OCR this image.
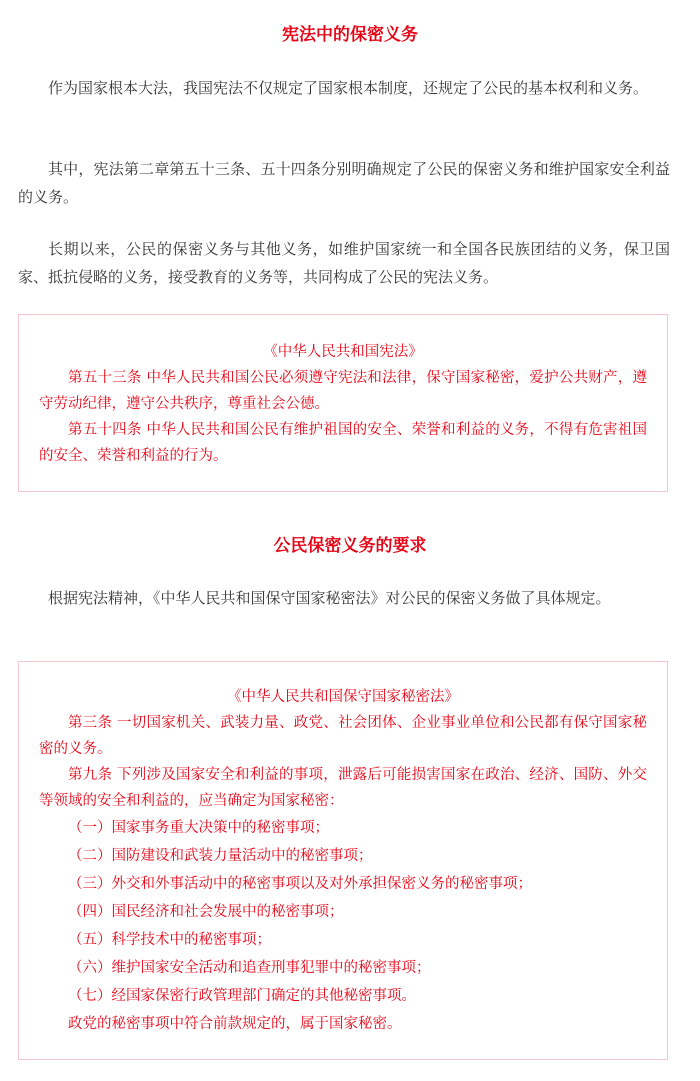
宪法中的保密义务

作为国家根本大法，我国宪法不仅规定了国家根本制度，还规定了公民的基本权利和义务。

其中，宪法第二章第五十三条、五十四条分别明确规定了公民的保密义务和维护国家安全利益的义务。

长期以来，公民的保密义务与其他义务，如维护国家统一和全国各民族团结的义务，保卫国家、抵抗侵略的义务，接受教育的义务等，共同构成了公民的宪法义务。

《中华人民共和国宪法》

第五十三条 中华人民共和国公民必须遵守宪法和法律，保守国家秘密，爱护公共财产，遵守劳动纪律，遵守公共秩序，尊重社会公德。

第五十四条 中华人民共和国公民有维护祖国的安全、荣誉和利益的义务，不得有危害祖国的安全、荣誉和利益的行为。

公民保密义务的要求

根据宪法精神，《中华人民共和国保守国家秘密法》对公民的保密义务做了具体规定。

《中华人民共和国保守国家秘密法》

第三条 一切国家机关、武装力量、政党、社会团体、企业事业单位和公民都有保守国家秘密的义务。

第九条 下列涉及国家安全和利益的事项，泄露后可能损害国家在政治、经济、国防、外交等领域的安全和利益的，应当确定为国家秘密：

（一）国家事务重大决策中的秘密事项；

（二）国防建设和武装力量活动中的秘密事项；

（三）外交和外事活动中的秘密事项以及对外承担保密义务的秘密事项；

（四）国民经济和社会发展中的秘密事项；

（五）科学技术中的秘密事项；

（六）维护国家安全活动和追查刑事犯罪中的秘密事项；

（七）经国家保密行政管理部门确定的其他秘密事项。

政党的秘密事项中符合前款规定的，属于国家秘密。
